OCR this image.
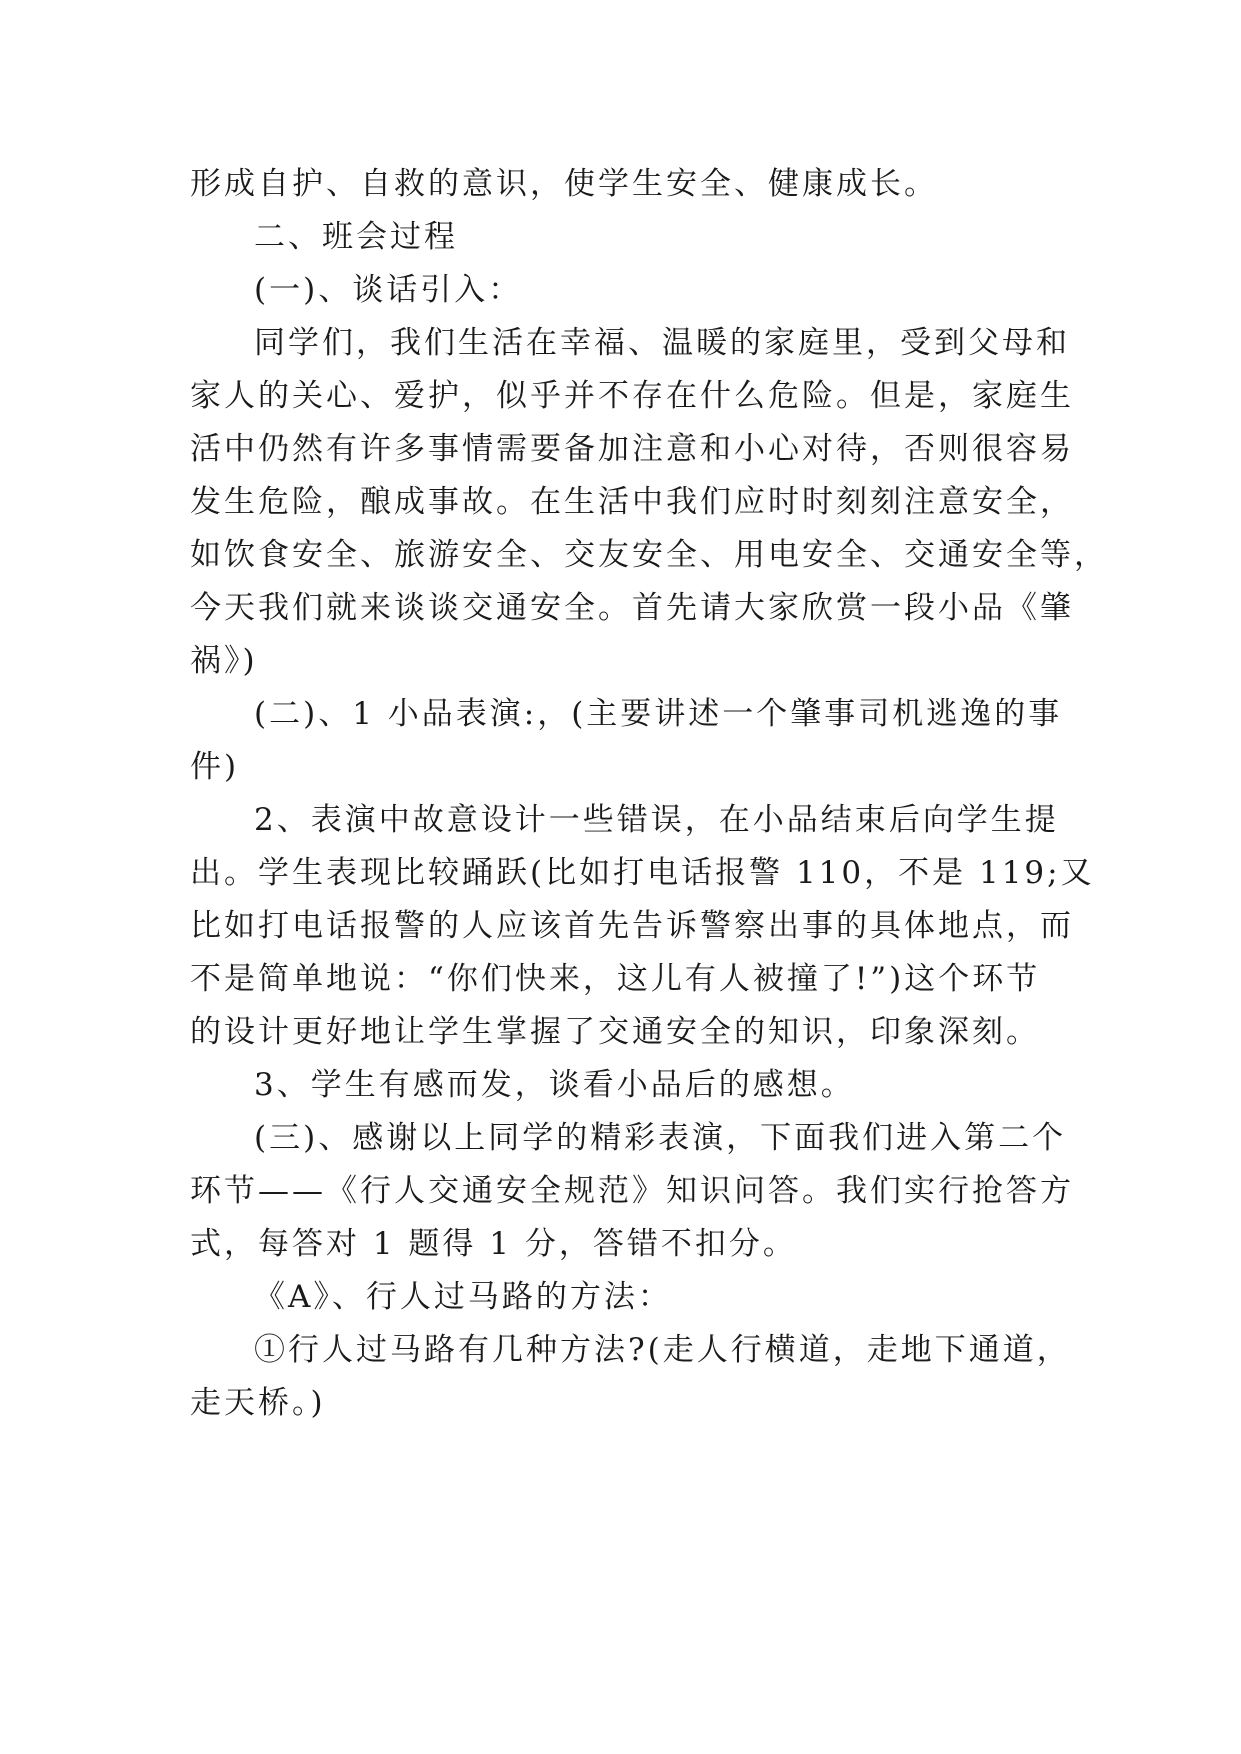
形成自护、自救的意识，使学生安全、健康成长。
二、班会过程
(一)、谈话引入：
同学们，我们生活在幸福、温暖的家庭里，受到父母和
家人的关心、爱护，似乎并不存在什么危险。但是，家庭生
活中仍然有许多事情需要备加注意和小心对待，否则很容易
发生危险，酿成事故。在生活中我们应时时刻刻注意安全，
如饮食安全、旅游安全、交友安全、用电安全、交通安全等，
今天我们就来谈谈交通安全。首先请大家欣赏一段小品《肇
祸》)
(二)、1 小品表演:，(主要讲述一个肇事司机逃逸的事
件)
2、表演中故意设计一些错误，在小品结束后向学生提
出。学生表现比较踊跃(比如打电话报警 110，不是 119;又
比如打电话报警的人应该首先告诉警察出事的具体地点，而
不是简单地说：“你们快来，这儿有人被撞了!”)这个环节
的设计更好地让学生掌握了交通安全的知识，印象深刻。
3、学生有感而发，谈看小品后的感想。
(三)、感谢以上同学的精彩表演，下面我们进入第二个
环节——《行人交通安全规范》知识问答。我们实行抢答方
式，每答对 1 题得 1 分，答错不扣分。
《A》、行人过马路的方法：
①行人过马路有几种方法?(走人行横道，走地下通道，
走天桥。)
